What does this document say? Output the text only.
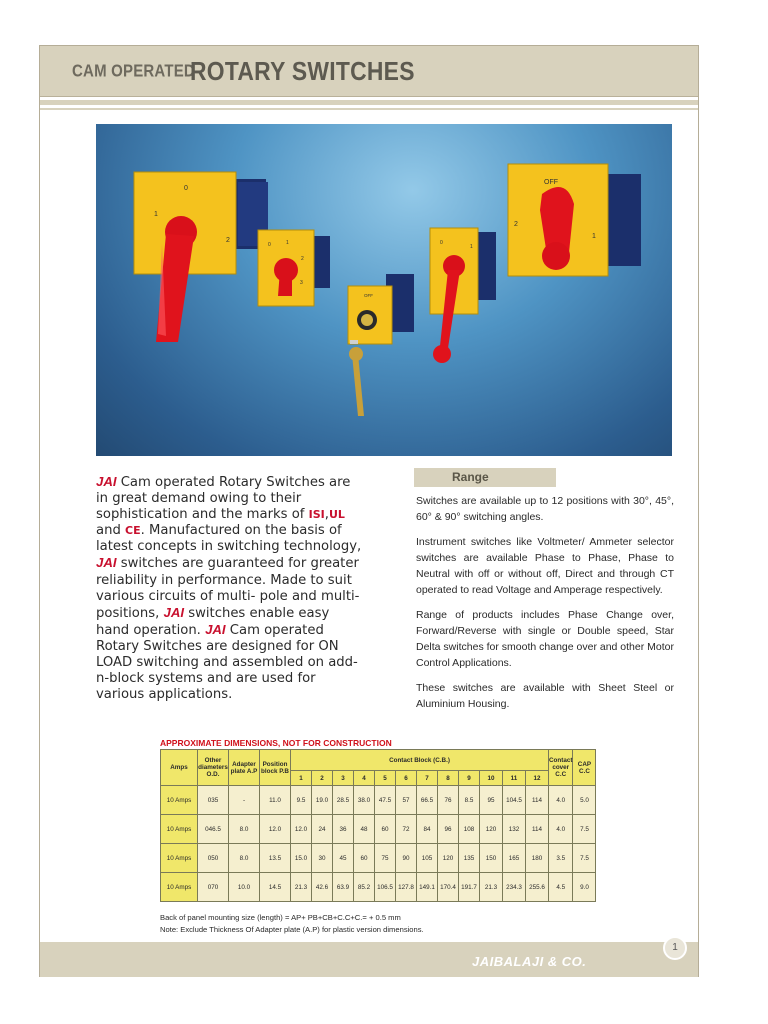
CAM OPERATED
ROTARY SWITCHES
0
1
2
0	1
2
3
OFF
0
1
OFF
1
2
JAI Cam operated Rotary Switches are in great demand owing to their sophistication and the marks of ISI,UL and CE. Manufactured on the basis of latest concepts in switching technology, JAI switches are guaranteed for greater reliability in performance. Made to suit various circuits of multi- pole and multi-positions, JAI switches enable easy hand operation. JAI Cam operated Rotary Switches are designed for ON LOAD switching and assembled on add-n-block systems and are used for various applications.
Range

Switches are available up to 12 positions with 30°, 45°, 60° & 90° switching angles.

Instrument switches like Voltmeter/ Ammeter selector switches are available Phase to Phase, Phase to Neutral with off or without off, Direct and through CT operated to read Voltage and Amperage respectively.

Range of products includes Phase Change over, Forward/Reverse with single or Double speed, Star Delta switches for smooth change over and other Motor Control Applications.

These switches are available with Sheet Steel or Aluminium Housing.

APPROXIMATE DIMENSIONS, NOT FOR CONSTRUCTION
Amps	Other diameters O.D.	Adapter plate A.P	Position block P.B	Contact Block (C.B.)												Contact cover C.C	CAP C.C
				1	2	3	4	5	6	7	8	9	10	11	12		
10 Amps	035	-	11.0	9.5	19.0	28.5	38.0	47.5	57	66.5	76	8.5	95	104.5	114	4.0	5.0
10 Amps	046.5	8.0	12.0	12.0	24	36	48	60	72	84	96	108	120	132	114	4.0	7.5
10 Amps	050	8.0	13.5	15.0	30	45	60	75	90	105	120	135	150	165	180	3.5	7.5
10 Amps	070	10.0	14.5	21.3	42.6	63.9	85.2	106.5	127.8	149.1	170.4	191.7	21.3	234.3	255.6	4.5	9.0
Back of panel mounting size (length) = AP+ PB+CB+C.C+C.= + 0.5 mm
Note: Exclude Thickness Of Adapter plate (A.P) for plastic version dimensions.
JAIBALAJI & CO.
1
